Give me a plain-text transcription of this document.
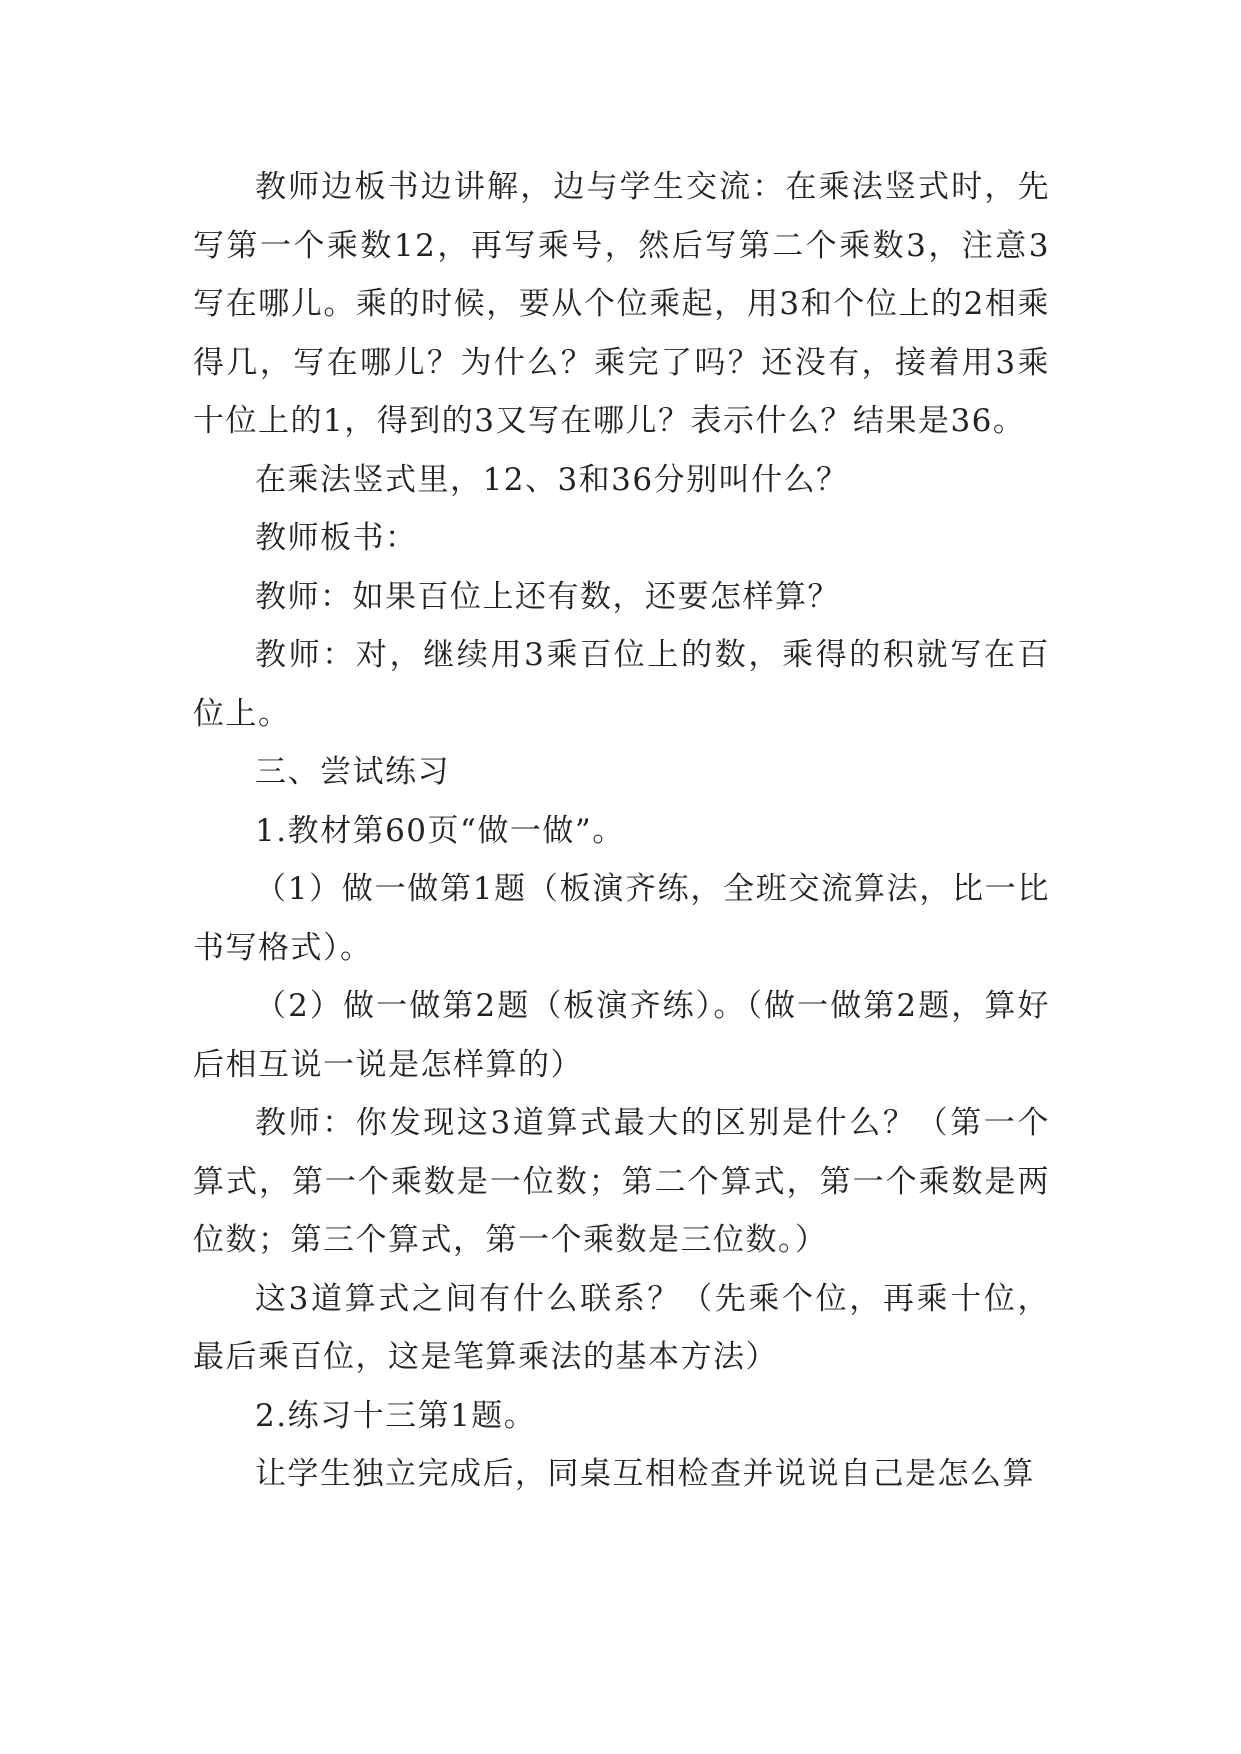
教师边板书边讲解，边与学生交流：在乘法竖式时，先写第一个乘数12，再写乘号，然后写第二个乘数3，注意3写在哪儿。乘的时候，要从个位乘起，用3和个位上的2相乘得几，写在哪儿？为什么？乘完了吗？还没有，接着用3乘十位上的1，得到的3又写在哪儿？表示什么？结果是36。

在乘法竖式里，12、3和36分别叫什么？

教师板书：

教师：如果百位上还有数，还要怎样算？

教师：对，继续用3乘百位上的数，乘得的积就写在百位上。

三、尝试练习

1.教材第60页“做一做”。

（1）做一做第1题（板演齐练，全班交流算法，比一比书写格式）。

（2）做一做第2题（板演齐练）。（做一做第2题，算好后相互说一说是怎样算的）

教师：你发现这3道算式最大的区别是什么？（第一个算式，第一个乘数是一位数；第二个算式，第一个乘数是两位数；第三个算式，第一个乘数是三位数。）

这3道算式之间有什么联系？（先乘个位，再乘十位，最后乘百位，这是笔算乘法的基本方法）

2.练习十三第1题。

让学生独立完成后，同桌互相检查并说说自己是怎么算
